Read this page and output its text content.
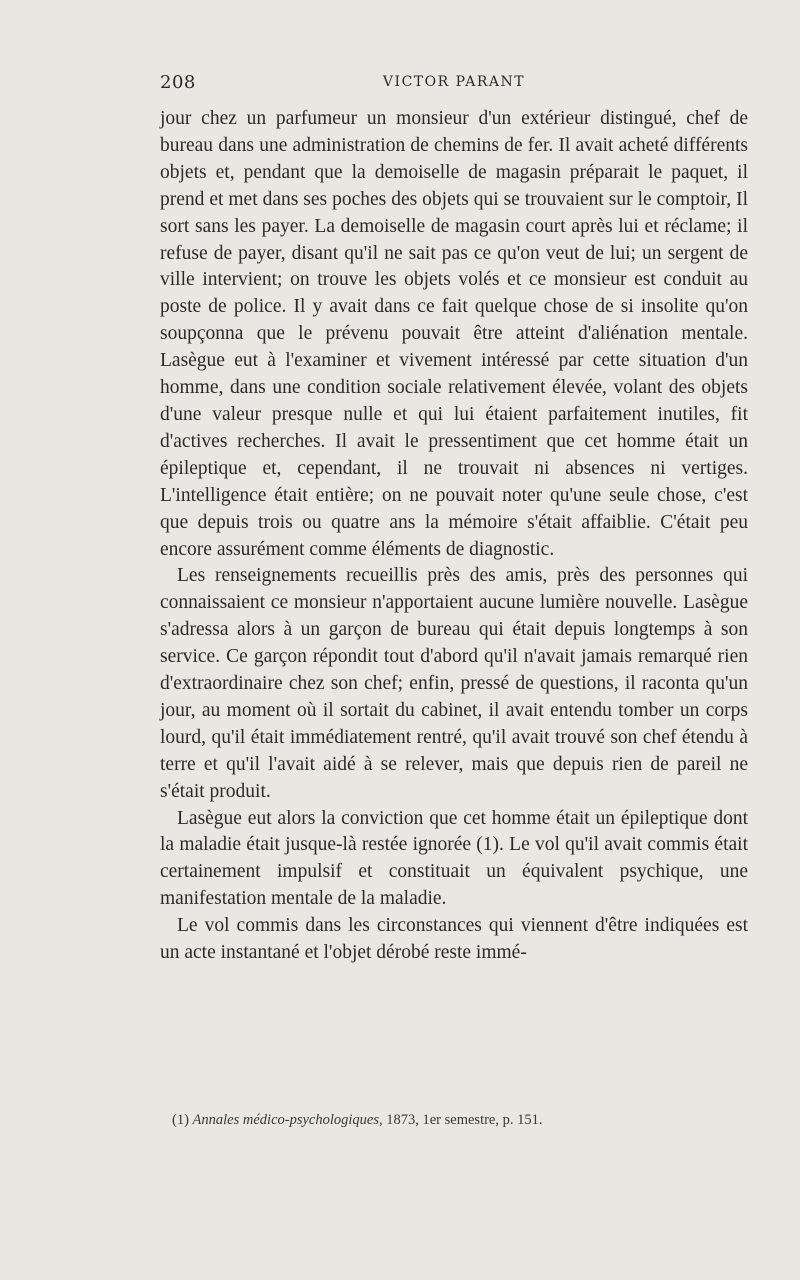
208	VICTOR PARANT

jour chez un parfumeur un monsieur d'un extérieur distingué, chef de bureau dans une administration de chemins de fer. Il avait acheté différents objets et, pendant que la demoiselle de magasin préparait le paquet, il prend et met dans ses poches des objets qui se trouvaient sur le comptoir, Il sort sans les payer. La demoiselle de magasin court après lui et réclame; il refuse de payer, disant qu'il ne sait pas ce qu'on veut de lui; un sergent de ville intervient; on trouve les objets volés et ce monsieur est conduit au poste de police. Il y avait dans ce fait quelque chose de si insolite qu'on soupçonna que le prévenu pouvait être atteint d'aliénation mentale. Lasègue eut à l'examiner et vivement intéressé par cette situation d'un homme, dans une condition sociale relativement élevée, volant des objets d'une valeur presque nulle et qui lui étaient parfaitement inutiles, fit d'actives recherches. Il avait le pressentiment que cet homme était un épileptique et, cependant, il ne trouvait ni absences ni vertiges. L'intelligence était entière; on ne pouvait noter qu'une seule chose, c'est que depuis trois ou quatre ans la mémoire s'était affaiblie. C'était peu encore assurément comme éléments de diagnostic.

Les renseignements recueillis près des amis, près des personnes qui connaissaient ce monsieur n'apportaient aucune lumière nouvelle. Lasègue s'adressa alors à un garçon de bureau qui était depuis longtemps à son service. Ce garçon répondit tout d'abord qu'il n'avait jamais remarqué rien d'extraordinaire chez son chef; enfin, pressé de questions, il raconta qu'un jour, au moment où il sortait du cabinet, il avait entendu tomber un corps lourd, qu'il était immédiatement rentré, qu'il avait trouvé son chef étendu à terre et qu'il l'avait aidé à se relever, mais que depuis rien de pareil ne s'était produit.

Lasègue eut alors la conviction que cet homme était un épileptique dont la maladie était jusque-là restée ignorée (1). Le vol qu'il avait commis était certainement impulsif et constituait un équivalent psychique, une manifestation mentale de la maladie.

Le vol commis dans les circonstances qui viennent d'être indiquées est un acte instantané et l'objet dérobé reste immé-

(1) Annales médico-psychologiques, 1873, 1er semestre, p. 151.
